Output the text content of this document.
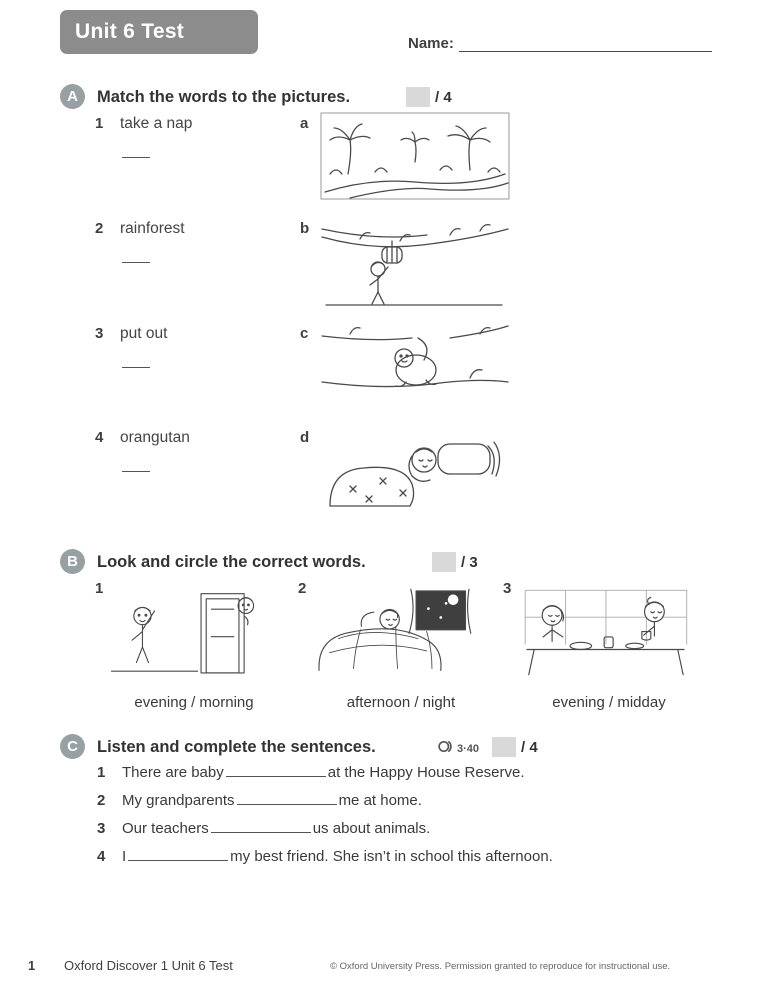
Unit 6 Test
Name:
A	Match the words to the pictures.	/ 4
1 take a nap	a
2 rainforest	b
3 put out	c
4 orangutan	d
B	Look and circle the correct words.	/ 3
1
evening / morning
2
afternoon / night
3
evening / midday
C	Listen and complete the sentences.	3·40	/ 4
1 There are baby	at the Happy House Reserve.
2 My grandparents	me at home.
3 Our teachers	us about animals.
4 I	my best friend. She isn’t in school this afternoon.
1 Oxford Discover 1 Unit 6 Test	© Oxford University Press. Permission granted to reproduce for instructional use.
